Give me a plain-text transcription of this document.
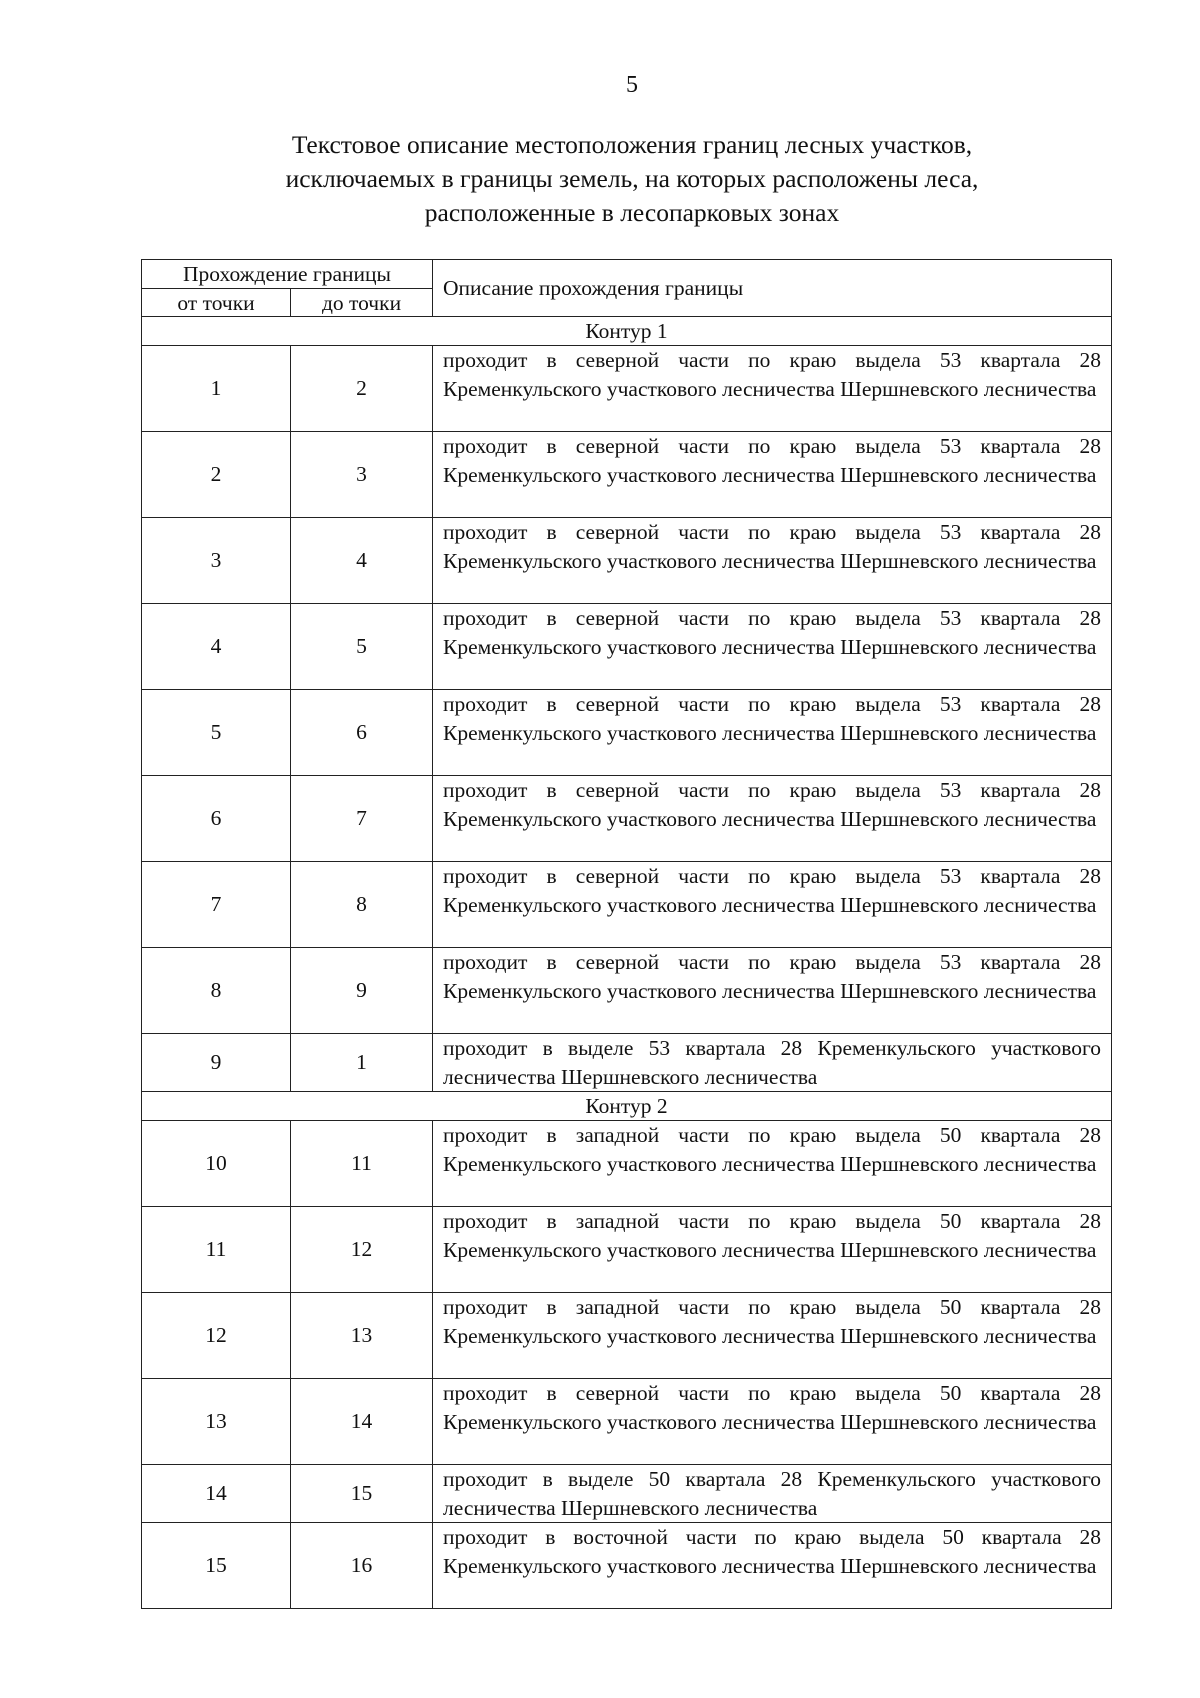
5
Текстовое описание местоположения границ лесных участков,
исключаемых в границы земель, на которых расположены леса,
расположенные в лесопарковых зонах
Прохождение границы		Описание прохождения границы
от точки	до точки	
Контур 1		
1	2	проходит в северной части по краю выдела 53 квартала 28 Кременкульского участкового лесничества Шершневского лесничества
2	3	проходит в северной части по краю выдела 53 квартала 28 Кременкульского участкового лесничества Шершневского лесничества
3	4	проходит в северной части по краю выдела 53 квартала 28 Кременкульского участкового лесничества Шершневского лесничества
4	5	проходит в северной части по краю выдела 53 квартала 28 Кременкульского участкового лесничества Шершневского лесничества
5	6	проходит в северной части по краю выдела 53 квартала 28 Кременкульского участкового лесничества Шершневского лесничества
6	7	проходит в северной части по краю выдела 53 квартала 28 Кременкульского участкового лесничества Шершневского лесничества
7	8	проходит в северной части по краю выдела 53 квартала 28 Кременкульского участкового лесничества Шершневского лесничества
8	9	проходит в северной части по краю выдела 53 квартала 28 Кременкульского участкового лесничества Шершневского лесничества
9	1	проходит в выделе 53 квартала 28 Кременкульского участкового лесничества Шершневского лесничества
Контур 2		
10	11	проходит в западной части по краю выдела 50 квартала 28 Кременкульского участкового лесничества Шершневского лесничества
11	12	проходит в западной части по краю выдела 50 квартала 28 Кременкульского участкового лесничества Шершневского лесничества
12	13	проходит в западной части по краю выдела 50 квартала 28 Кременкульского участкового лесничества Шершневского лесничества
13	14	проходит в северной части по краю выдела 50 квартала 28 Кременкульского участкового лесничества Шершневского лесничества
14	15	проходит в выделе 50 квартала 28 Кременкульского участкового лесничества Шершневского лесничества
15	16	проходит в восточной части по краю выдела 50 квартала 28 Кременкульского участкового лесничества Шершневского лесничества
